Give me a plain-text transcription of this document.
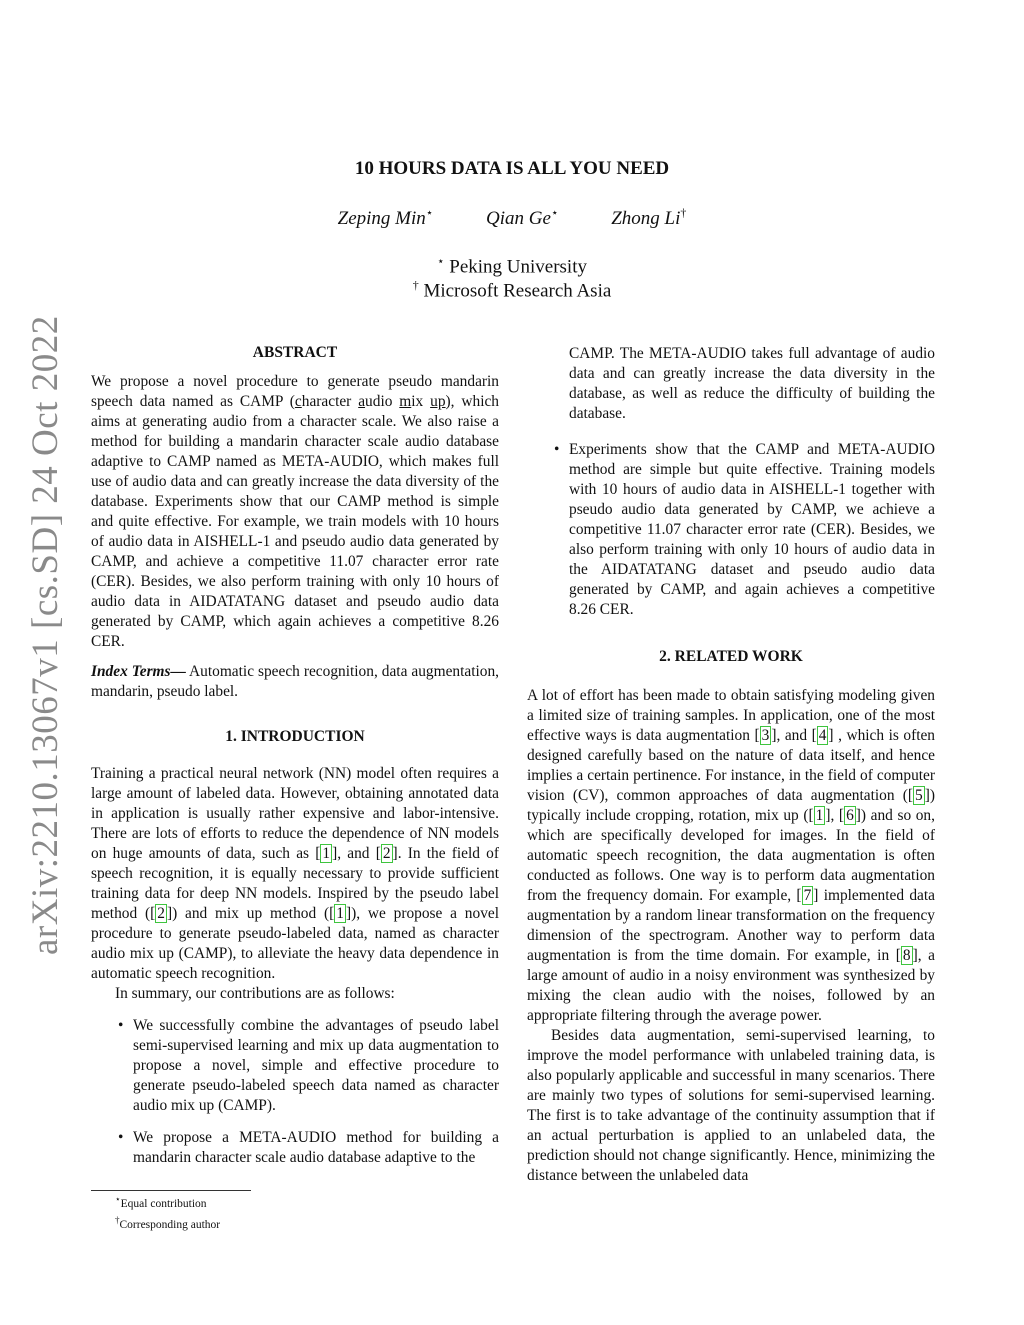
arXiv:2210.13067v1 [cs.SD] 24 Oct 2022
10 HOURS DATA IS ALL YOU NEED
Zeping Min⋆	Qian Ge⋆	Zhong Li†
⋆ Peking University
† Microsoft Research Asia
ABSTRACT

We propose a novel procedure to generate pseudo mandarin speech data named as CAMP (character audio mix up), which aims at generating audio from a character scale. We also raise a method for building a mandarin character scale audio database adaptive to CAMP named as META-AUDIO, which makes full use of audio data and can greatly increase the data diversity of the database. Experiments show that our CAMP method is simple and quite effective. For example, we train models with 10 hours of audio data in AISHELL-1 and pseudo audio data generated by CAMP, and achieve a competitive 11.07 character error rate (CER). Besides, we also perform training with only 10 hours of audio data in AIDATATANG dataset and pseudo audio data generated by CAMP, which again achieves a competitive 8.26 CER.

Index Terms— Automatic speech recognition, data augmentation, mandarin, pseudo label.

1. INTRODUCTION

Training a practical neural network (NN) model often requires a large amount of labeled data. However, obtaining annotated data in application is usually rather expensive and labor-intensive. There are lots of efforts to reduce the dependence of NN models on huge amounts of data, such as [ 1 ], and [ 2 ]. In the field of speech recognition, it is equally necessary to provide sufficient training data for deep NN models. Inspired by the pseudo label method ([ 2 ]) and mix up method ([ 1 ]), we propose a novel procedure to generate pseudo-labeled data, named as character audio mix up (CAMP), to alleviate the heavy data dependence in automatic speech recognition.

In summary, our contributions are as follows:

• We successfully combine the advantages of pseudo label semi-supervised learning and mix up data augmentation to propose a novel, simple and effective procedure to generate pseudo-labeled speech data named as character audio mix up (CAMP).
• We propose a META-AUDIO method for building a mandarin character scale audio database adaptive to the
⋆Equal contribution
†Corresponding author
CAMP. The META-AUDIO takes full advantage of audio data and can greatly increase the data diversity in the database, as well as reduce the difficulty of building the database.
• Experiments show that the CAMP and META-AUDIO method are simple but quite effective. Training models with 10 hours of audio data in AISHELL-1 together with pseudo audio data generated by CAMP, we achieve a competitive 11.07 character error rate (CER). Besides, we also perform training with only 10 hours of audio data in the AIDATATANG dataset and pseudo audio data generated by CAMP, and again achieves a competitive 8.26 CER.
2. RELATED WORK

A lot of effort has been made to obtain satisfying modeling given a limited size of training samples. In application, one of the most effective ways is data augmentation [ 3 ], and [ 4 ] , which is often designed carefully based on the nature of data itself, and hence implies a certain pertinence. For instance, in the field of computer vision (CV), common approaches of data augmentation ([ 5 ]) typically include cropping, rotation, mix up ([ 1 ], [ 6 ]) and so on, which are specifically developed for images. In the field of automatic speech recognition, the data augmentation is often conducted as follows. One way is to perform data augmentation from the frequency domain. For example, [ 7 ] implemented data augmentation by a random linear transformation on the frequency dimension of the spectrogram. Another way to perform data augmentation is from the time domain. For example, in [ 8 ], a large amount of audio in a noisy environment was synthesized by mixing the clean audio with the noises, followed by an appropriate filtering through the average power.

Besides data augmentation, semi-supervised learning, to improve the model performance with unlabeled training data, is also popularly applicable and successful in many scenarios. There are mainly two types of solutions for semi-supervised learning. The first is to take advantage of the continuity assumption that if an actual perturbation is applied to an unlabeled data, the prediction should not change significantly. Hence, minimizing the distance between the unlabeled data
